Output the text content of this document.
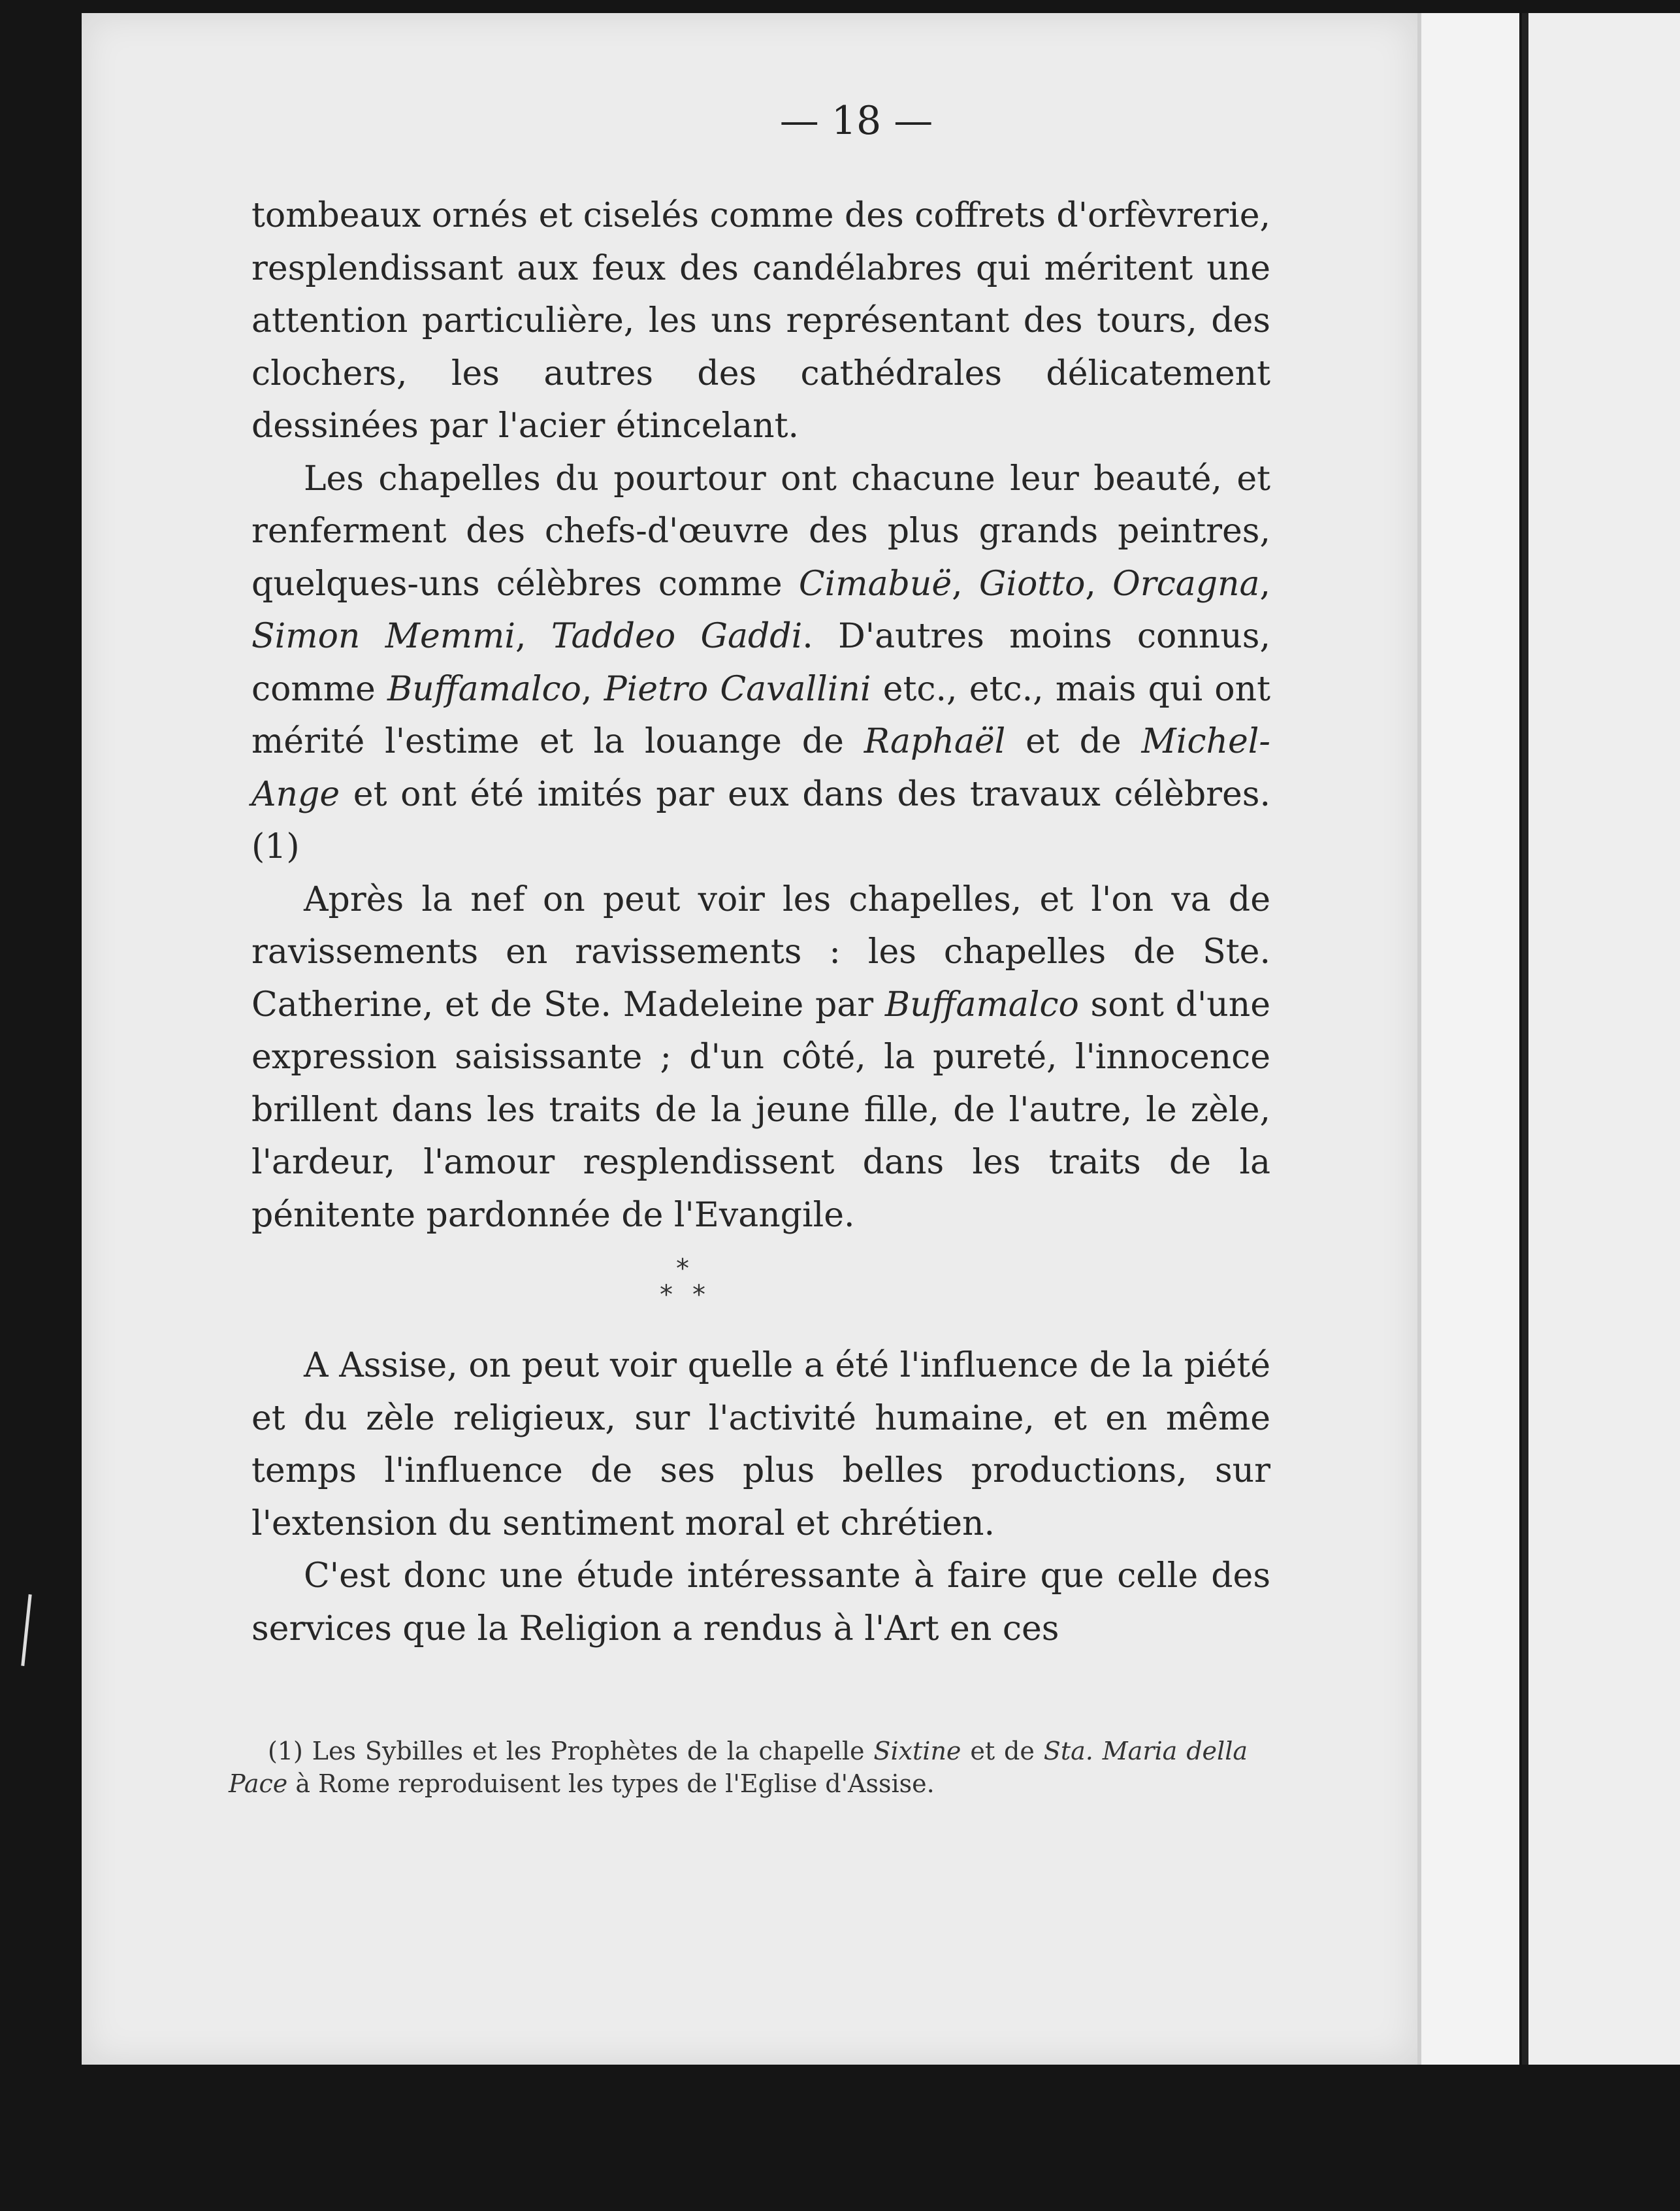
— 18 —

tombeaux ornés et ciselés comme des coffrets d'orfèvrerie, resplendissant aux feux des candélabres qui méritent une attention particulière, les uns représentant des tours, des clochers, les autres des cathédrales délicatement dessinées par l'acier étincelant.

Les chapelles du pourtour ont chacune leur beauté, et renferment des chefs-d'œuvre des plus grands peintres, quelques-uns célèbres comme Cimabuë, Giotto, Orcagna, Simon Memmi, Taddeo Gaddi. D'autres moins connus, comme Buffamalco, Pietro Cavallini etc., etc., mais qui ont mérité l'estime et la louange de Raphaël et de Michel-Ange et ont été imités par eux dans des travaux célèbres. (1)

Après la nef on peut voir les chapelles, et l'on va de ravissements en ravissements : les chapelles de Ste. Catherine, et de Ste. Madeleine par Buffamalco sont d'une expression saisissante ; d'un côté, la pureté, l'innocence brillent dans les traits de la jeune fille, de l'autre, le zèle, l'ardeur, l'amour resplendissent dans les traits de la pénitente pardonnée de l'Evangile.

*
* *

A Assise, on peut voir quelle a été l'influence de la piété et du zèle religieux, sur l'activité humaine, et en même temps l'influence de ses plus belles productions, sur l'extension du sentiment moral et chrétien.

C'est donc une étude intéressante à faire que celle des services que la Religion a rendus à l'Art en ces

(1) Les Sybilles et les Prophètes de la chapelle Sixtine et de Sta. Maria della Pace à Rome reproduisent les types de l'Eglise d'Assise.
